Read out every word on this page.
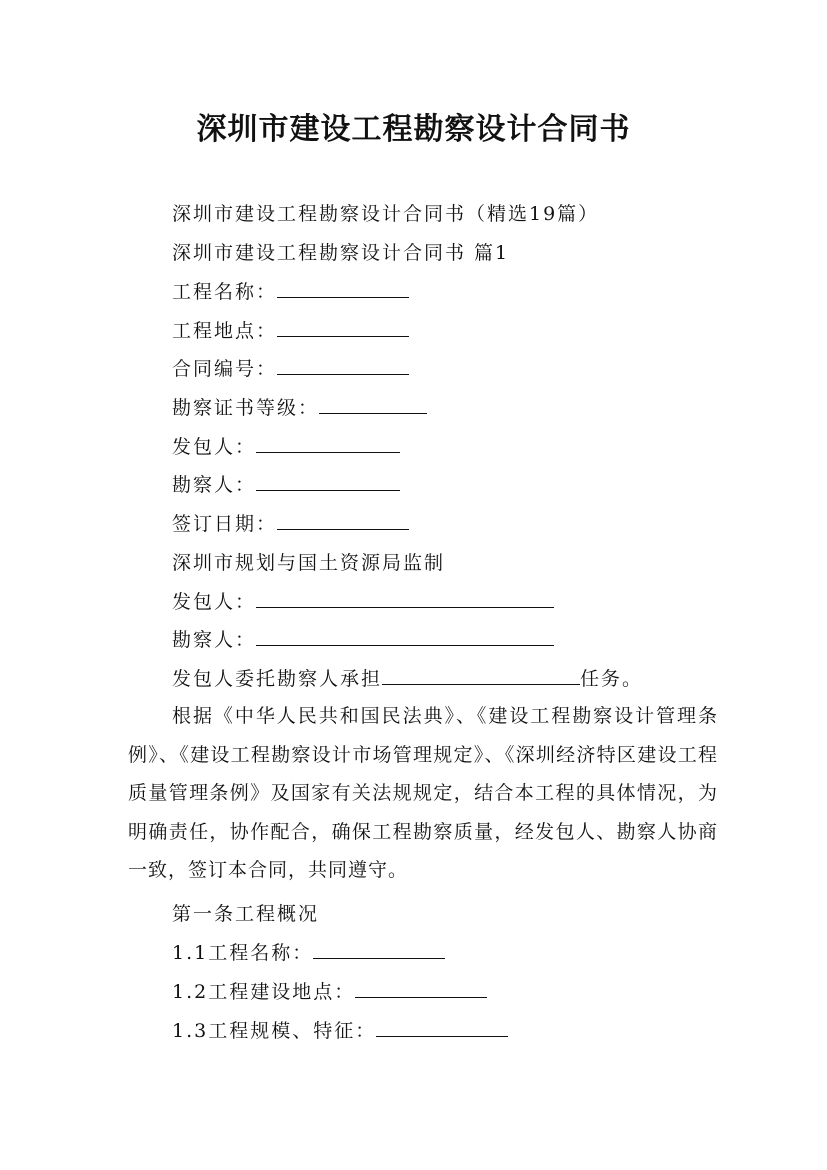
深圳市建设工程勘察设计合同书

深圳市建设工程勘察设计合同书（精选19篇）

深圳市建设工程勘察设计合同书 篇1

工程名称：

工程地点：

合同编号：

勘察证书等级：

发包人：

勘察人：

签订日期：

深圳市规划与国土资源局监制

发包人：

勘察人：

发包人委托勘察人承担	任务。

根据《中华人民共和国民法典》、《建设工程勘察设计管理条例》、《建设工程勘察设计市场管理规定》、《深圳经济特区建设工程质量管理条例》及国家有关法规规定，结合本工程的具体情况，为明确责任，协作配合，确保工程勘察质量，经发包人、勘察人协商一致，签订本合同，共同遵守。

第一条工程概况

1.1工程名称：

1.2工程建设地点：

1.3工程规模、特征：
